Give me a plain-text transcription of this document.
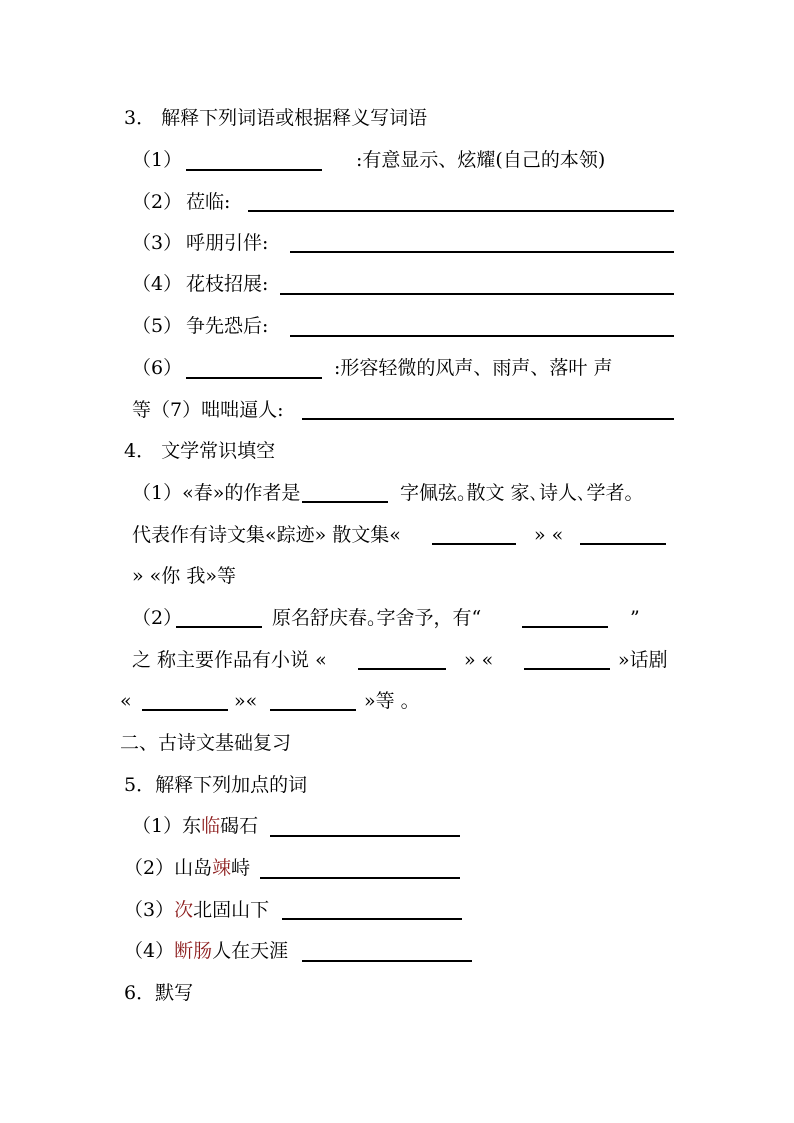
3． 解释下列词语或根据释义写词语
（1）	:有意显示、炫耀(自己的本领)
（2） 莅临:
（3） 呼朋引伴:
（4） 花枝招展:
（5） 争先恐后:
（6）	:形容轻微的风声、雨声、落叶 声
等（7）咄咄逼人:
4． 文学常识填空
（1）«春»的作者是	字佩弦｡散文 家､诗人､学者｡
代表作有诗文集«踪迹» 散文集«	» «
» «你 我»等
（2）	原名舒庆春｡字舍予，有“	”
之 称主要作品有小说 «	» «	»话剧
«	»«	»等 。
二、古诗文基础复习
5．解释下列加点的词
（1）东临碣石
（2）山岛竦峙
（3）次北固山下
（4）断肠人在天涯
6．默写
